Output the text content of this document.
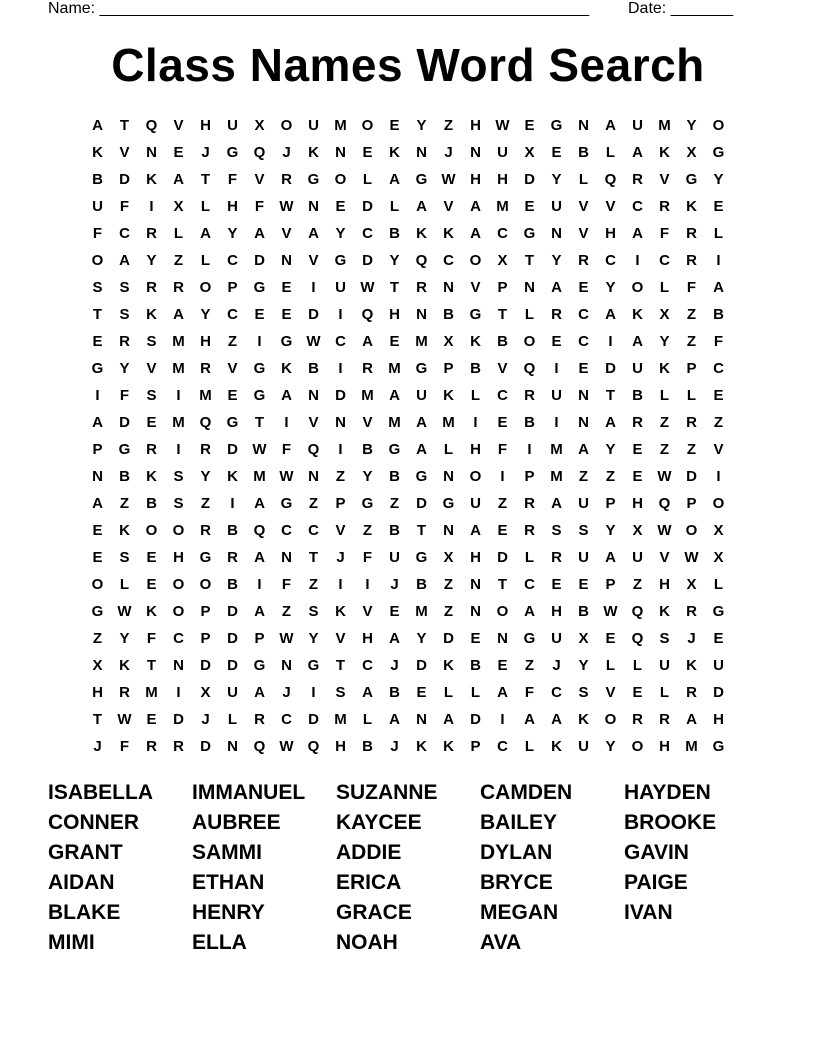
Name: _______________________________________________________ Date: _______
Class Names Word Search
A	T	Q	V	H	U	X	O	U	M O	E	Y	Z	H W E	G	N	A	U	M	Y	O
K	V	N	E	J	G	Q	J	K	N	E	K	N	J	N	U	X	E	B	L	A	K	X	G
B	D	K	A	T	F	V	R	G	O	L	A	G W H	H	D	Y	L	Q	R	V	G	Y
U	F	I	X	L	H	F	W N	E	D	L	A	V	A	M	E	U	V	V	C	R	K	E
F	C	R	L	A	Y	A	V	A	Y	C	B	K	K	A	C	G	N	V	H	A	F	R	L
O	A	Y	Z	L	C	D	N	V	G	D	Y	Q	C	O	X	T	Y	R	C	I	C	R	I
S	S	R	R	O	P	G	E	I	U W	T	R	N	V	P	N	A	E	Y	O	L	F	A
T	S	K	A	Y	C	E	E	D	I	Q	H	N	B	G	T	L	R	C	A	K	X	Z	B
E	R	S	M	H	Z	I	G W C	A	E	M	X	K	B	O	E	C	I	A	Y	Z	F
G	Y	V	M	R	V	G	K	B	I	R	M G	P	B	V	Q	I	E	D	U	K	P	C
I	F	S	I	M	E	G	A	N	D	M	A	U	K	L	C	R	U	N	T	B	L	L	E
A	D	E	M Q	G	T	I	V	N	V	M	A	M	I	E	B	I	N	A	R	Z	R	Z
P	G	R	I	R	D W	F	Q	I	B	G	A	L	H	F	I	M	A	Y	E	Z	Z	V
N	B	K	S	Y	K	M W N	Z	Y	B	G	N	O	I	P	M	Z	Z	E W D	I
A	Z	B	S	Z	I	A	G	Z	P	G	Z	D	G	U	Z	R	A	U	P	H	Q	P	O
E	K	O	O	R	B	Q	C	C	V	Z	B	T	N	A	E	R	S	S	Y	X W O	X
E	S	E	H	G	R	A	N	T	J	F	U	G	X	H	D	L	R	U	A	U	V W X
O	L	E	O	O	B	I	F	Z	I	I	J	B	Z	N	T	C	E	E	P	Z	H	X	L
G W K	O	P	D	A	Z	S	K	V	E	M	Z	N	O	A	H	B W Q	K	R	G
Z	Y	F	C	P	D	P W Y	V	H	A	Y	D	E	N	G	U	X	E	Q	S	J	E
X	K	T	N	D	D	G	N	G	T	C	J	D	K	B	E	Z	J	Y	L	L	U	K	U
H	R	M	I	X	U	A	J	I	S	A	B	E	L	L	A	F	C	S	V	E	L	R	D
T	W E	D	J	L	R	C	D	M	L	A	N	A	D	I	A	A	K	O	R	R	A	H
J	F	R	R	D	N	Q W Q	H	B	J	K	K	P	C	L	K	U	Y	O	H	M G
ISABELLA	IMMANUEL	SUZANNE	CAMDEN	HAYDEN
CONNER	AUBREE	KAYCEE	BAILEY	BROOKE
GRANT	SAMMI	ADDIE	DYLAN	GAVIN
AIDAN	ETHAN	ERICA	BRYCE	PAIGE
BLAKE	HENRY	GRACE	MEGAN	IVAN
MIMI	ELLA	NOAH	AVA
